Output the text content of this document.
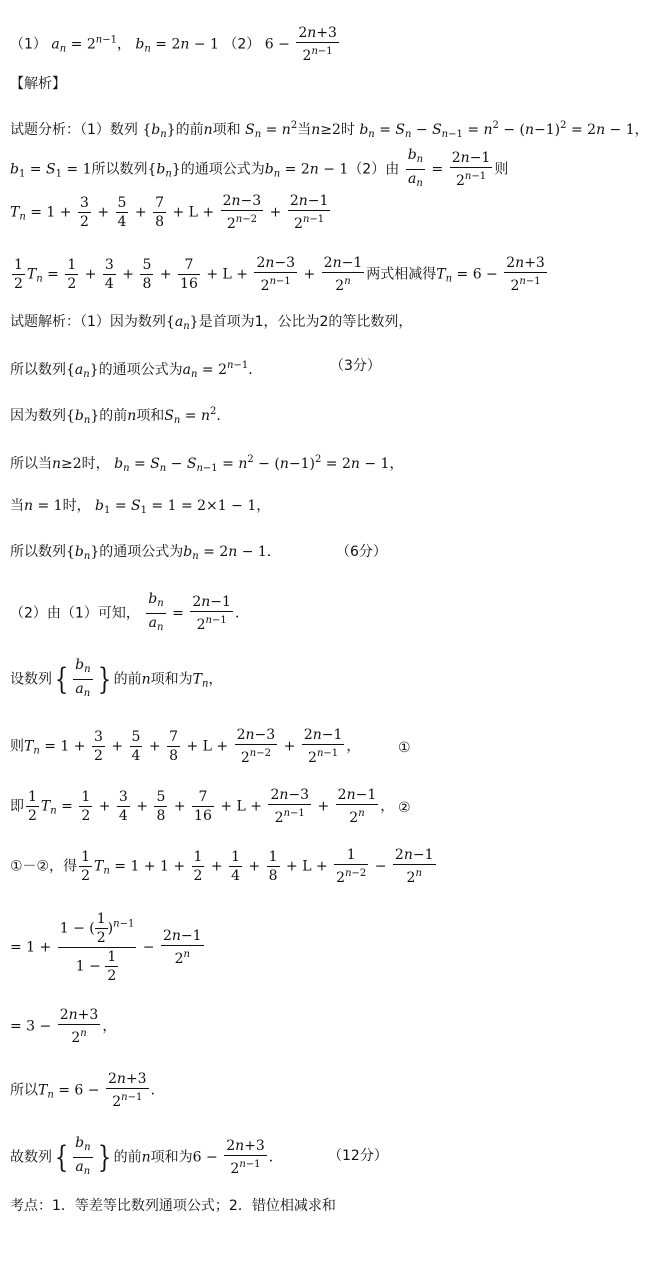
（1） $a_n = 2^{n-1}$， $b_n = 2n - 1$ （2） $6 - \frac{2n+3}{2^{n-1}}$
【解析】
试题分析：（1）数列 $\{b_n\}$的前n项和 $S_n = n^2$当n≥2时 $b_n = S_n - S_{n-1} = n^2 - (n-1)^2 = 2n - 1$，
$b_1 = S_1 = 1$所以数列$\{b_n\}$的通项公式为$b_n = 2n - 1(2)$由 $\frac{b_n}{a_n} = \frac{2n-1}{2^{n-1}}$ 则
$T_n = 1 + \frac{3}{2} + \frac{5}{4} + \frac{7}{8} + L + \frac{2n-3}{2^{n-2}} + \frac{2n-1}{2^{n-1}}$
$\frac{1}{2} T_n = \frac{1}{2} + \frac{3}{4} + \frac{5}{8} + \frac{7}{16} + L + \frac{2n-3}{2^{n-1}} + \frac{2n-1}{2^n}$ 两式相减得$T_n = 6 - \frac{2n+3}{2^{n-1}}$
试题解析：（1）因为数列$\{a_n\}$是首项为1，公比为2的等比数列，
所以数列$\{a_n\}$的通项公式为$a_n = 2^{n-1}$．	（3分）
因为数列$\{b_n\}$的前n项和$S_n = n^2$．
所以当n≥2时， $b_n = S_n - S_{n-1} = n^2 - (n-1)^2 = 2n - 1$，
当n = 1时， $b_1 = S_1 = 1 = 2\times 1 - 1$，
所以数列$\{b_n\}$的通项公式为$b_n = 2n - 1$．	（6分）
（2）由（1）可知， $\frac{b_n}{a_n} = \frac{2n-1}{2^{n-1}}$ ．
设数列{ $\frac{b_n}{a_n}$ } 的前n项和为$T_n$，
则$T_n = 1 + \frac{3}{2} + \frac{5}{4} + \frac{7}{8} + L + \frac{2n-3}{2^{n-2}} + \frac{2n-1}{2^{n-1}}$ ，	①
即 $\frac{1}{2} T_n = \frac{1}{2} + \frac{3}{4} + \frac{5}{8} + \frac{7}{16} + L + \frac{2n-3}{2^{n-1}} + \frac{2n-1}{2^n}$ ， ②
①－②，得 $\frac{1}{2} T_n = 1 + 1 + \frac{1}{2} + \frac{1}{4} + \frac{1}{8} + L + \frac{1}{2^{n-2}} - \frac{2n-1}{2^n}$
= $1 + \frac{1 - ( \frac{1}{2} )^{n-1}}{1 - \frac{1}{2}} - \frac{2n-1}{2^n}$
= $3 - \frac{2n+3}{2^n}$ ，
所以$T_n = 6 - \frac{2n+3}{2^{n-1}}$ ．
故数列{ $\frac{b_n}{a_n}$ } 的前n项和为$6 - \frac{2n+3}{2^{n-1}}$ ．	（12分）
考点：1．等差等比数列通项公式；2．错位相减求和
